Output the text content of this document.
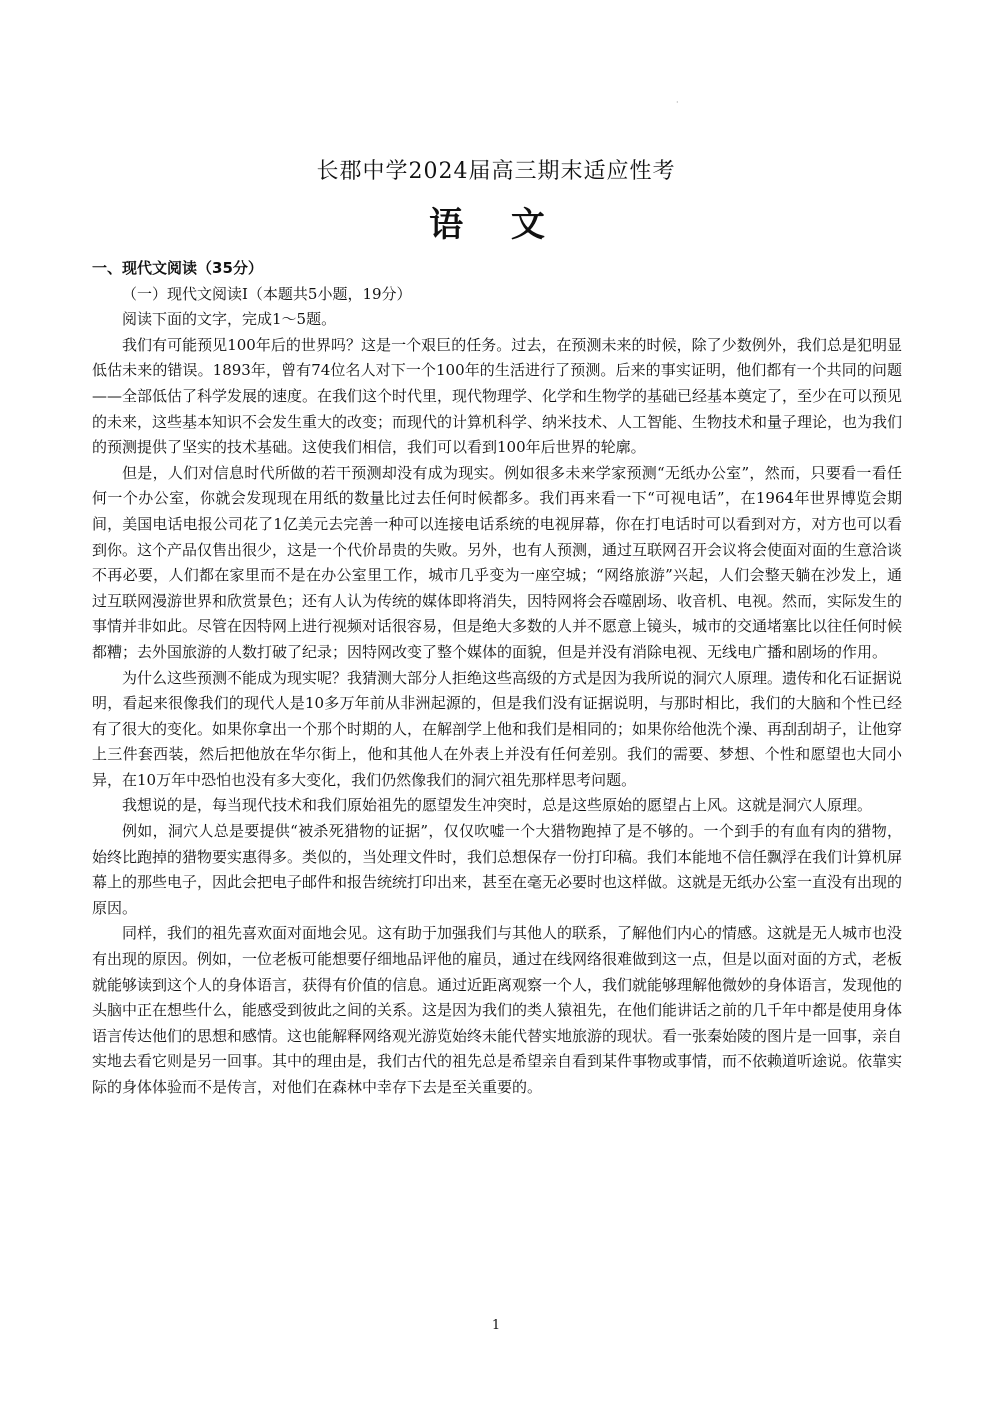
·
长郡中学2024届高三期末适应性考
语 文

一、现代文阅读（35分）

（一）现代文阅读Ⅰ（本题共5小题，19分）

阅读下面的文字，完成1～5题。

我们有可能预见100年后的世界吗？这是一个艰巨的任务。过去，在预测未来的时候，除了少数例外，我们总是犯明显低估未来的错误。1893年，曾有74位名人对下一个100年的生活进行了预测。后来的事实证明，他们都有一个共同的问题——全部低估了科学发展的速度。在我们这个时代里，现代物理学、化学和生物学的基础已经基本奠定了，至少在可以预见的未来，这些基本知识不会发生重大的改变；而现代的计算机科学、纳米技术、人工智能、生物技术和量子理论，也为我们的预测提供了坚实的技术基础。这使我们相信，我们可以看到100年后世界的轮廓。

但是，人们对信息时代所做的若干预测却没有成为现实。例如很多未来学家预测“无纸办公室”，然而，只要看一看任何一个办公室，你就会发现现在用纸的数量比过去任何时候都多。我们再来看一下“可视电话”，在1964年世界博览会期间，美国电话电报公司花了1亿美元去完善一种可以连接电话系统的电视屏幕，你在打电话时可以看到对方，对方也可以看到你。这个产品仅售出很少，这是一个代价昂贵的失败。另外，也有人预测，通过互联网召开会议将会使面对面的生意洽谈不再必要，人们都在家里而不是在办公室里工作，城市几乎变为一座空城；“网络旅游”兴起，人们会整天躺在沙发上，通过互联网漫游世界和欣赏景色；还有人认为传统的媒体即将消失，因特网将会吞噬剧场、收音机、电视。然而，实际发生的事情并非如此。尽管在因特网上进行视频对话很容易，但是绝大多数的人并不愿意上镜头，城市的交通堵塞比以往任何时候都糟；去外国旅游的人数打破了纪录；因特网改变了整个媒体的面貌，但是并没有消除电视、无线电广播和剧场的作用。

为什么这些预测不能成为现实呢？我猜测大部分人拒绝这些高级的方式是因为我所说的洞穴人原理。遗传和化石证据说明，看起来很像我们的现代人是10多万年前从非洲起源的，但是我们没有证据说明，与那时相比，我们的大脑和个性已经有了很大的变化。如果你拿出一个那个时期的人，在解剖学上他和我们是相同的；如果你给他洗个澡、再刮刮胡子，让他穿上三件套西装，然后把他放在华尔街上，他和其他人在外表上并没有任何差别。我们的需要、梦想、个性和愿望也大同小异，在10万年中恐怕也没有多大变化，我们仍然像我们的洞穴祖先那样思考问题。

我想说的是，每当现代技术和我们原始祖先的愿望发生冲突时，总是这些原始的愿望占上风。这就是洞穴人原理。

例如，洞穴人总是要提供“被杀死猎物的证据”，仅仅吹嘘一个大猎物跑掉了是不够的。一个到手的有血有肉的猎物，始终比跑掉的猎物要实惠得多。类似的，当处理文件时，我们总想保存一份打印稿。我们本能地不信任飘浮在我们计算机屏幕上的那些电子，因此会把电子邮件和报告统统打印出来，甚至在毫无必要时也这样做。这就是无纸办公室一直没有出现的原因。

同样，我们的祖先喜欢面对面地会见。这有助于加强我们与其他人的联系，了解他们内心的情感。这就是无人城市也没有出现的原因。例如，一位老板可能想要仔细地品评他的雇员，通过在线网络很难做到这一点，但是以面对面的方式，老板就能够读到这个人的身体语言，获得有价值的信息。通过近距离观察一个人，我们就能够理解他微妙的身体语言，发现他的头脑中正在想些什么，能感受到彼此之间的关系。这是因为我们的类人猿祖先，在他们能讲话之前的几千年中都是使用身体语言传达他们的思想和感情。这也能解释网络观光游览始终未能代替实地旅游的现状。看一张秦始陵的图片是一回事，亲自实地去看它则是另一回事。其中的理由是，我们古代的祖先总是希望亲自看到某件事物或事情，而不依赖道听途说。依靠实际的身体体验而不是传言，对他们在森林中幸存下去是至关重要的。

1
